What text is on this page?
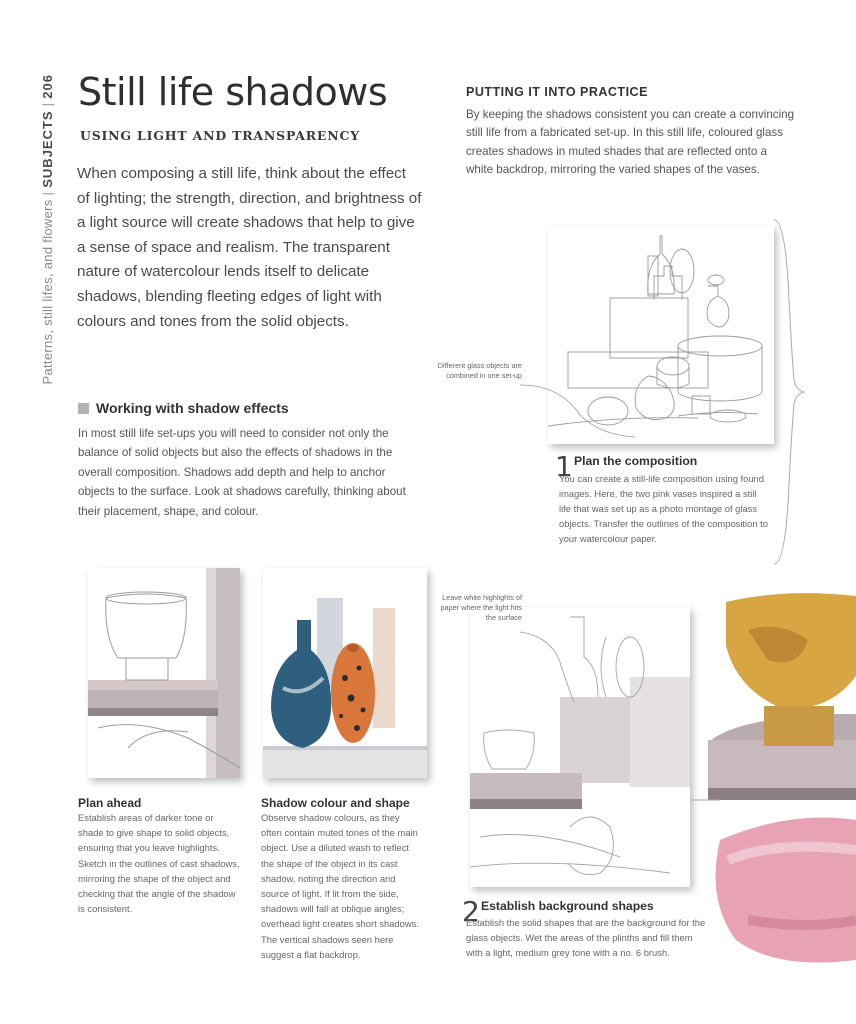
Patterns, still lifes, and flowers|SUBJECTS|206 Still life shadows
USING LIGHT AND TRANSPARENCY
When composing a still life, think about the effect of lighting; the strength, direction, and brightness of a light source will create shadows that help to give a sense of space and realism. The transparent nature of watercolour lends itself to delicate shadows, blending fleeting edges of light with colours and tones from the solid objects.
Working with shadow effects
In most still life set-ups you will need to consider not only the balance of solid objects but also the effects of shadows in the overall composition. Shadows add depth and help to anchor objects to the surface. Look at shadows carefully, thinking about their placement, shape, and colour.
PUTTING IT INTO PRACTICE
By keeping the shadows consistent you can create a convincing still life from a fabricated set-up. In this still life, coloured glass creates shadows in muted shades that are reflected onto a white backdrop, mirroring the varied shapes of the vases.
Different glass objects are combined in one set-up
1 Plan the composition
You can create a still-life composition using found images. Here, the two pink vases inspired a still life that was set up as a photo montage of glass objects. Transfer the outlines of the composition to your watercolour paper.
Plan ahead
Establish areas of darker tone or shade to give shape to solid objects, ensuring that you leave highlights. Sketch in the outlines of cast shadows, mirroring the shape of the object and checking that the angle of the shadow is consistent.
Shadow colour and shape
Observe shadow colours, as they often contain muted tones of the main object. Use a diluted wash to reflect the shape of the object in its cast shadow, noting the direction and source of light. If lit from the side, shadows will fall at oblique angles; overhead light creates short shadows. The vertical shadows seen here suggest a flat backdrop.
Leave white highlights of paper where the light hits the surface
2 Establish background shapes
Establish the solid shapes that are the background for the glass objects. Wet the areas of the plinths and fill them with a light, medium grey tone with a no. 6 brush.
